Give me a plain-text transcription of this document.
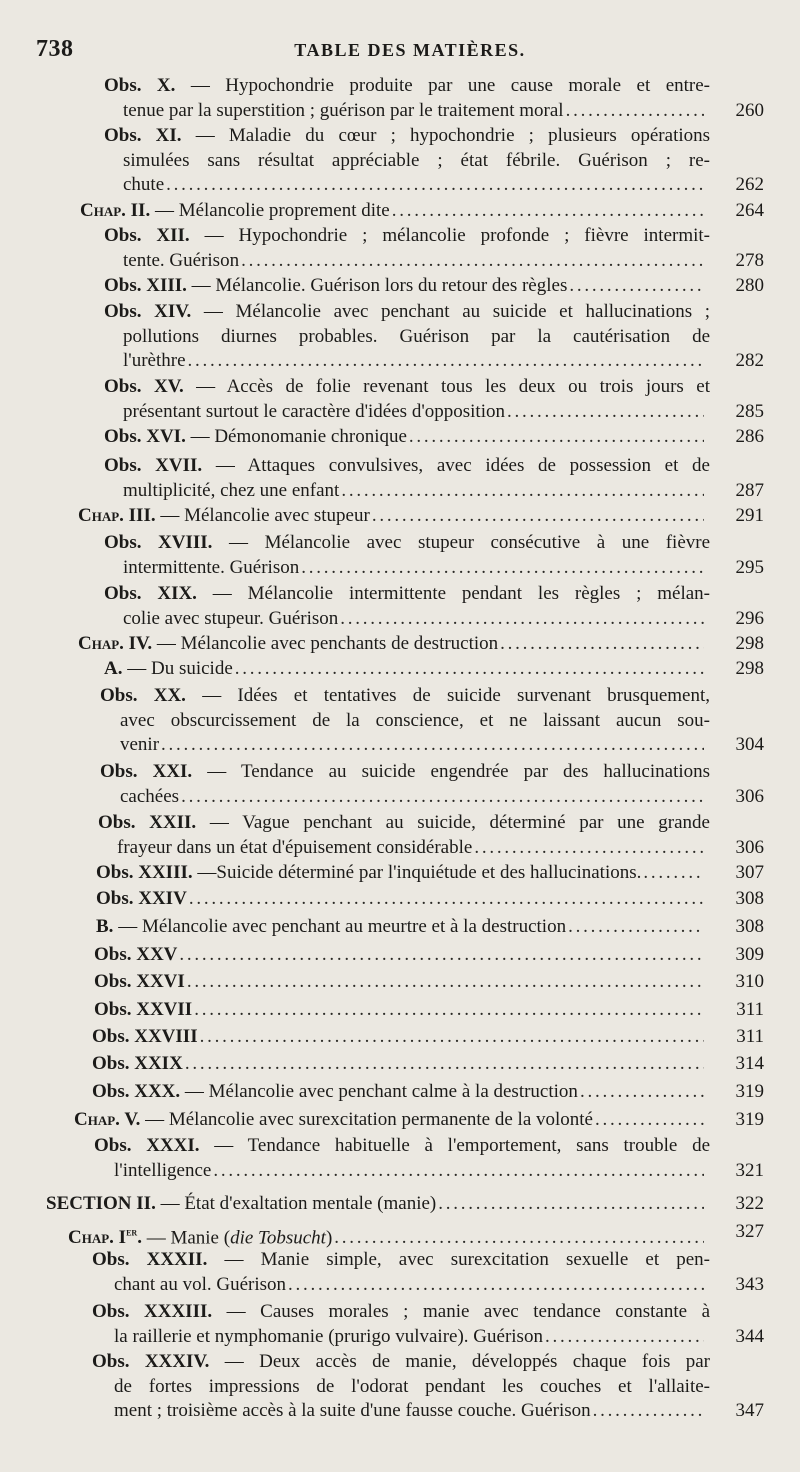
738	TABLE DES MATIÈRES.
Obs. X. — Hypochondrie produite par une cause morale et entre-
tenue par la superstition ; guérison par le traitement moral . . .	260
Obs. XI. — Maladie du cœur ; hypochondrie ; plusieurs opérations
simulées sans résultat appréciable ; état fébrile. Guérison ; re-
chute . . .	262
Chap. II. — Mélancolie proprement dite . . .	264
Obs. XII. — Hypochondrie ; mélancolie profonde ; fièvre intermit-
tente. Guérison . . .	278
Obs. XIII. — Mélancolie. Guérison lors du retour des règles . . .	280
Obs. XIV. — Mélancolie avec penchant au suicide et hallucinations ;
pollutions diurnes probables. Guérison par la cautérisation de
l'urèthre . . .	282
Obs. XV. — Accès de folie revenant tous les deux ou trois jours et
présentant surtout le caractère d'idées d'opposition . . .	285
Obs. XVI. — Démonomanie chronique . . .	286
Obs. XVII. — Attaques convulsives, avec idées de possession et de
multiplicité, chez une enfant . . .	287
Chap. III. — Mélancolie avec stupeur . . .	291
Obs. XVIII. — Mélancolie avec stupeur consécutive à une fièvre
intermittente. Guérison . . .	295
Obs. XIX. — Mélancolie intermittente pendant les règles ; mélan-
colie avec stupeur. Guérison . . .	296
Chap. IV. — Mélancolie avec penchants de destruction . . .	298
A. — Du suicide . . .	298
Obs. XX. — Idées et tentatives de suicide survenant brusquement,
avec obscurcissement de la conscience, et ne laissant aucun sou-
venir . . .	304
Obs. XXI. — Tendance au suicide engendrée par des hallucinations
cachées . . .	306
Obs. XXII. — Vague penchant au suicide, déterminé par une grande
frayeur dans un état d'épuisement considérable . . .	306
Obs. XXIII. —Suicide déterminé par l'inquiétude et des hallucinations. . . .	307
Obs. XXIV . . .	308
B. — Mélancolie avec penchant au meurtre et à la destruction . . .	308
Obs. XXV . . .	309
Obs. XXVI . . .	310
Obs. XXVII . . .	311
Obs. XXVIII . . .	311
Obs. XXIX . . .	314
Obs. XXX. — Mélancolie avec penchant calme à la destruction . . .	319
Chap. V. — Mélancolie avec surexcitation permanente de la volonté . . .	319
Obs. XXXI. — Tendance habituelle à l'emportement, sans trouble de
l'intelligence . . .	321
SECTION II. — État d'exaltation mentale (manie) . . .	322
Chap. Ier. — Manie (die Tobsucht) . . .	327
Obs. XXXII. — Manie simple, avec surexcitation sexuelle et pen-
chant au vol. Guérison . . .	343
Obs. XXXIII. — Causes morales ; manie avec tendance constante à
la raillerie et nymphomanie (prurigo vulvaire). Guérison . . .	344
Obs. XXXIV. — Deux accès de manie, développés chaque fois par
de fortes impressions de l'odorat pendant les couches et l'allaite-
ment ; troisième accès à la suite d'une fausse couche. Guérison . . .	347
